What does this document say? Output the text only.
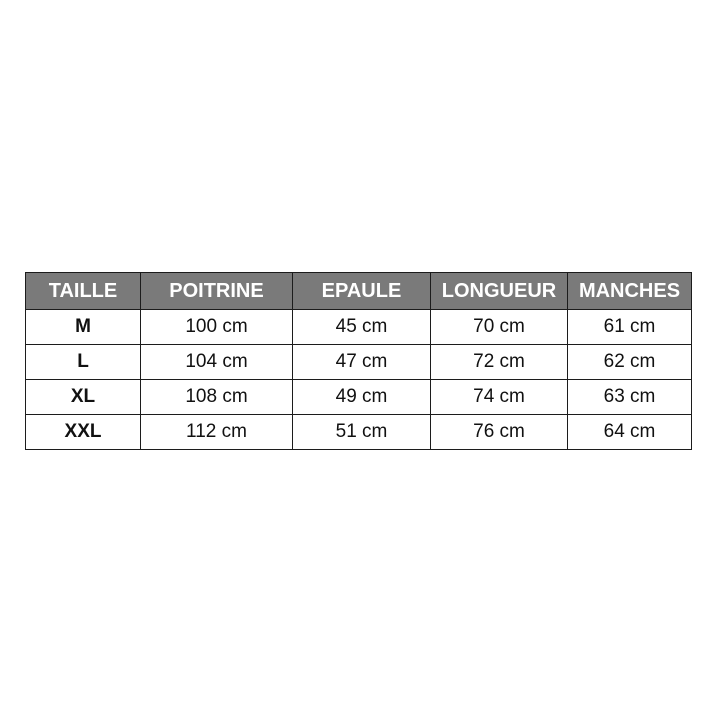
TAILLE	POITRINE	EPAULE	LONGUEUR	MANCHES
M	100 cm	45 cm	70 cm	61 cm
L	104 cm	47 cm	72 cm	62 cm
XL	108 cm	49 cm	74 cm	63 cm
XXL	112 cm	51 cm	76 cm	64 cm
